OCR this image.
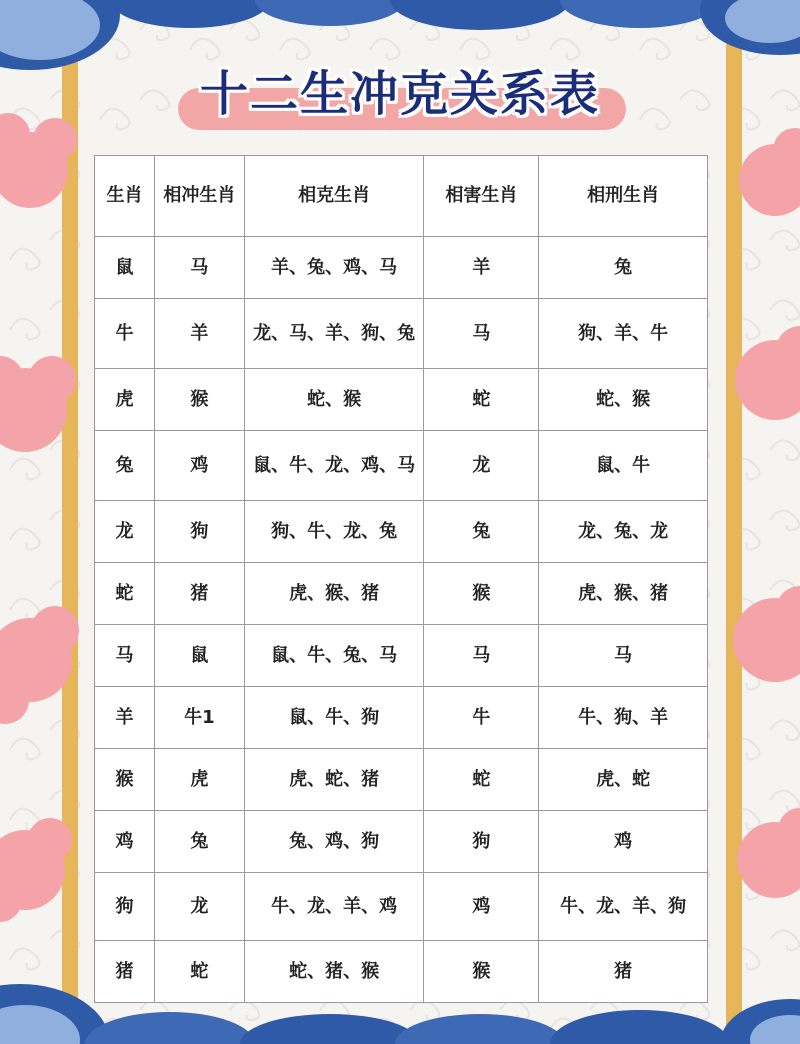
十二生冲克关系表
生肖	相冲生肖	相克生肖	相害生肖	相刑生肖
鼠	马	羊、兔、鸡、马	羊	兔
牛	羊	龙、马、羊、狗、兔	马	狗、羊、牛
虎	猴	蛇、猴	蛇	蛇、猴
兔	鸡	鼠、牛、龙、鸡、马	龙	鼠、牛
龙	狗	狗、牛、龙、兔	兔	龙、兔、龙
蛇	猪	虎、猴、猪	猴	虎、猴、猪
马	鼠	鼠、牛、兔、马	马	马
羊	牛1	鼠、牛、狗	牛	牛、狗、羊
猴	虎	虎、蛇、猪	蛇	虎、蛇
鸡	兔	兔、鸡、狗	狗	鸡
狗	龙	牛、龙、羊、鸡	鸡	牛、龙、羊、狗
猪	蛇	蛇、猪、猴	猴	猪
